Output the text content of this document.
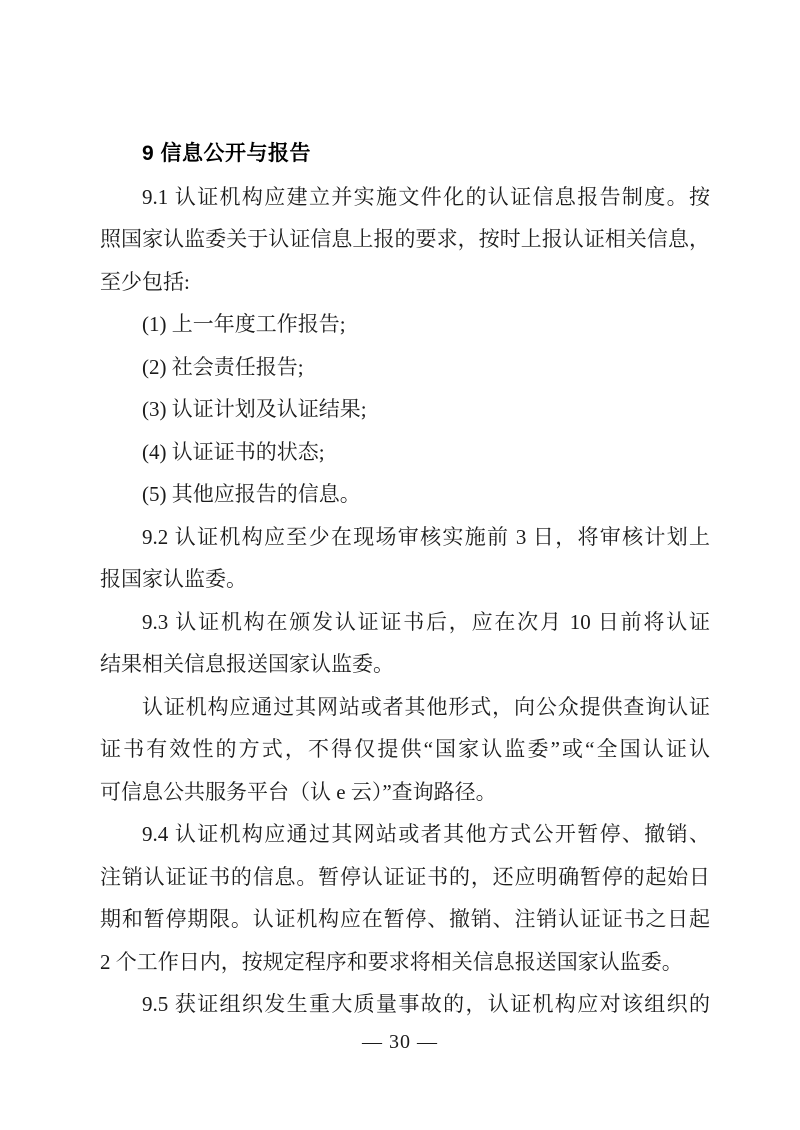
9 信息公开与报告
9.1 认证机构应建立并实施文件化的认证信息报告制度。按
照国家认监委关于认证信息上报的要求，按时上报认证相关信息，
至少包括:
(1) 上一年度工作报告;
(2) 社会责任报告;
(3) 认证计划及认证结果;
(4) 认证证书的状态;
(5) 其他应报告的信息。
9.2 认证机构应至少在现场审核实施前 3 日，将审核计划上
报国家认监委。
9.3 认证机构在颁发认证证书后，应在次月 10 日前将认证
结果相关信息报送国家认监委。
认证机构应通过其网站或者其他形式，向公众提供查询认证
证书有效性的方式，不得仅提供“国家认监委”或“全国认证认
可信息公共服务平台（认 e 云）”查询路径。
9.4 认证机构应通过其网站或者其他方式公开暂停、撤销、
注销认证证书的信息。暂停认证证书的，还应明确暂停的起始日
期和暂停期限。认证机构应在暂停、撤销、注销认证证书之日起
2 个工作日内，按规定程序和要求将相关信息报送国家认监委。
9.5 获证组织发生重大质量事故的，认证机构应对该组织的
— 30 —
